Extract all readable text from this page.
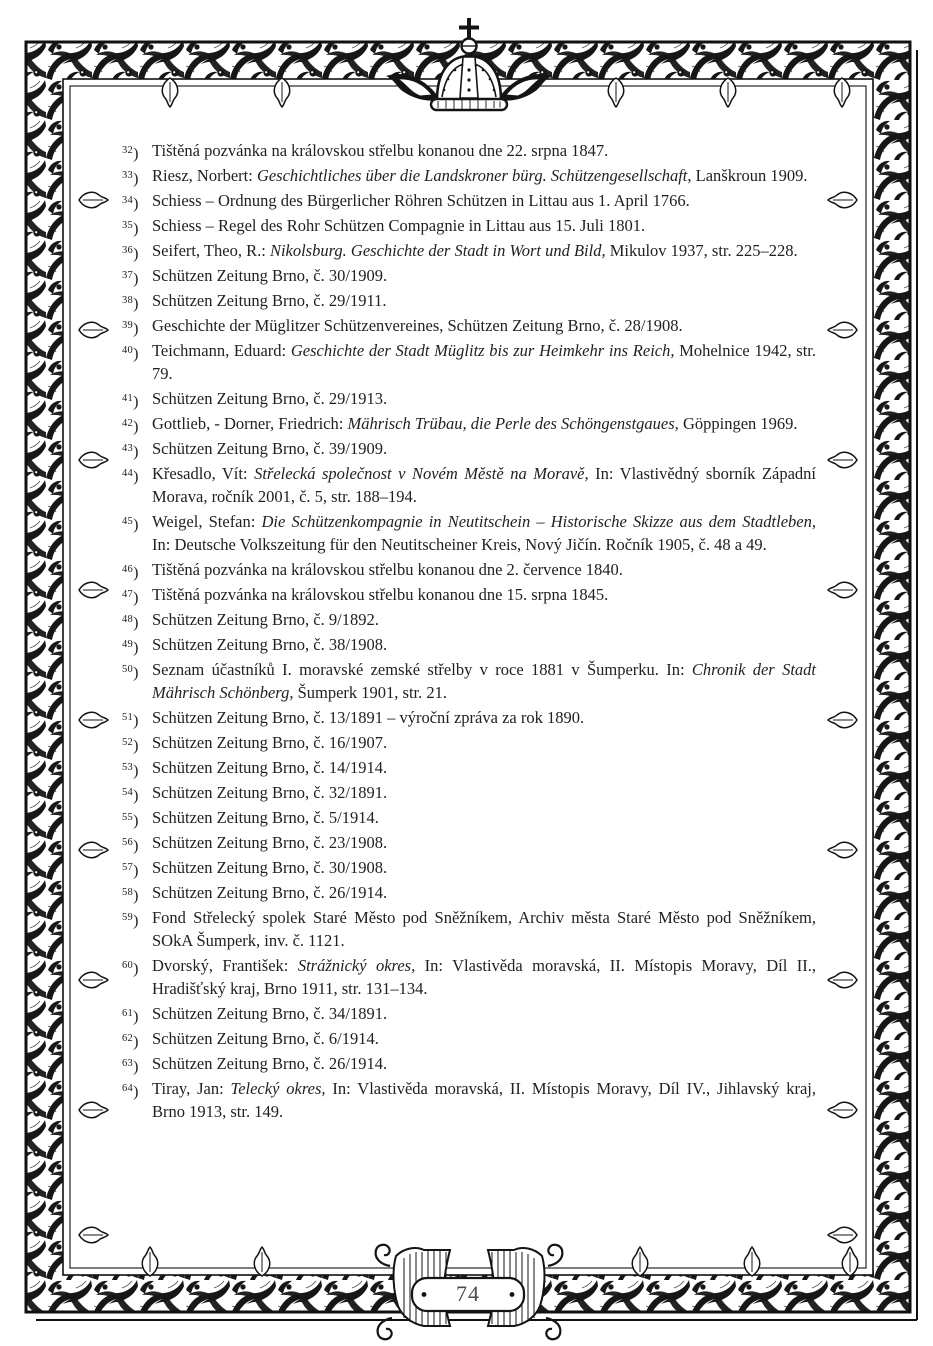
$^{32}$) Tištěná pozvánka na královskou střelbu konanou dne 22. srpna 1847.

$^{33}$) Riesz, Norbert: Geschichtliches über die Landskroner bürg. Schützengesellschaft, Lanškroun 1909.

$^{34}$) Schiess – Ordnung des Bürgerlicher Röhren Schützen in Littau aus 1. April 1766.

$^{35}$) Schiess – Regel des Rohr Schützen Compagnie in Littau aus 15. Juli 1801.

$^{36}$) Seifert, Theo, R.: Nikolsburg. Geschichte der Stadt in Wort und Bild, Mikulov 1937, str. 225–228.

$^{37}$) Schützen Zeitung Brno, č. 30/1909.

$^{38}$) Schützen Zeitung Brno, č. 29/1911.

$^{39}$) Geschichte der Müglitzer Schützenvereines, Schützen Zeitung Brno, č. 28/1908.

$^{40}$) Teichmann, Eduard: Geschichte der Stadt Müglitz bis zur Heimkehr ins Reich, Mohelnice 1942, str. 79.

$^{41}$) Schützen Zeitung Brno, č. 29/1913.

$^{42}$) Gottlieb, - Dorner, Friedrich: Mährisch Trübau, die Perle des Schöngenstgaues, Göppingen 1969.

$^{43}$) Schützen Zeitung Brno, č. 39/1909.

$^{44}$) Křesadlo, Vít: Střelecká společnost v Novém Městě na Moravě, In: Vlastivědný sborník Západní Morava, ročník 2001, č. 5, str. 188–194.

$^{45}$) Weigel, Stefan: Die Schützenkompagnie in Neutitschein – Historische Skizze aus dem Stadtleben, In: Deutsche Volkszeitung für den Neutitscheiner Kreis, Nový Jičín. Ročník 1905, č. 48 a 49.

$^{46}$) Tištěná pozvánka na královskou střelbu konanou dne 2. července 1840.

$^{47}$) Tištěná pozvánka na královskou střelbu konanou dne 15. srpna 1845.

$^{48}$) Schützen Zeitung Brno, č. 9/1892.

$^{49}$) Schützen Zeitung Brno, č. 38/1908.

$^{50}$) Seznam účastníků I. moravské zemské střelby v roce 1881 v Šumperku. In: Chronik der Stadt Mährisch Schönberg, Šumperk 1901, str. 21.

$^{51}$) Schützen Zeitung Brno, č. 13/1891 – výroční zpráva za rok 1890.

$^{52}$) Schützen Zeitung Brno, č. 16/1907.

$^{53}$) Schützen Zeitung Brno, č. 14/1914.

$^{54}$) Schützen Zeitung Brno, č. 32/1891.

$^{55}$) Schützen Zeitung Brno, č. 5/1914.

$^{56}$) Schützen Zeitung Brno, č. 23/1908.

$^{57}$) Schützen Zeitung Brno, č. 30/1908.

$^{58}$) Schützen Zeitung Brno, č. 26/1914.

$^{59}$) Fond Střelecký spolek Staré Město pod Sněžníkem, Archiv města Staré Město pod Sněžníkem, SOkA Šumperk, inv. č. 1121.

$^{60}$) Dvorský, František: Strážnický okres, In: Vlastivěda moravská, II. Místopis Moravy, Díl II., Hradišťský kraj, Brno 1911, str. 131–134.

$^{61}$) Schützen Zeitung Brno, č. 34/1891.

$^{62}$) Schützen Zeitung Brno, č. 6/1914.

$^{63}$) Schützen Zeitung Brno, č. 26/1914.

$^{64}$) Tiray, Jan: Telecký okres, In: Vlastivěda moravská, II. Místopis Moravy, Díl IV., Jihlavský kraj, Brno 1913, str. 149.

74
